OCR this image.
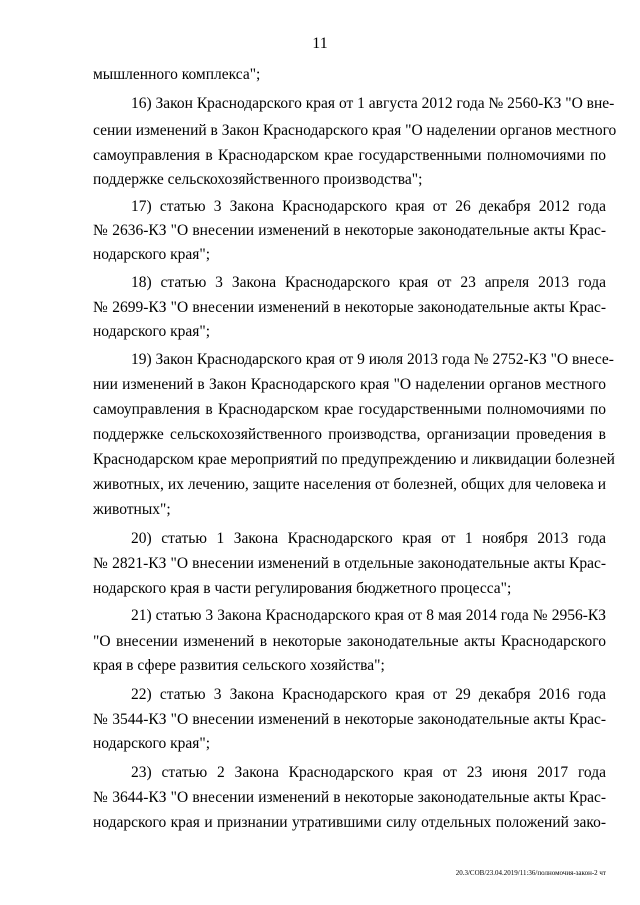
11
мышленного комплекса";
16) Закон Краснодарского края от 1 августа 2012 года № 2560-КЗ "О вне-
сении изменений в Закон Краснодарского края "О наделении органов местного
самоуправления в Краснодарском крае государственными полномочиями по
поддержке сельскохозяйственного производства";
17) статью 3 Закона Краснодарского края от 26 декабря 2012 года
№ 2636-КЗ "О внесении изменений в некоторые законодательные акты Крас-
нодарского края";
18) статью 3 Закона Краснодарского края от 23 апреля 2013 года
№ 2699-КЗ "О внесении изменений в некоторые законодательные акты Крас-
нодарского края";
19) Закон Краснодарского края от 9 июля 2013 года № 2752-КЗ "О внесе-
нии изменений в Закон Краснодарского края "О наделении органов местного
самоуправления в Краснодарском крае государственными полномочиями по
поддержке сельскохозяйственного производства, организации проведения в
Краснодарском крае мероприятий по предупреждению и ликвидации болезней
животных, их лечению, защите населения от болезней, общих для человека и
животных";
20) статью 1 Закона Краснодарского края от 1 ноября 2013 года
№ 2821-КЗ "О внесении изменений в отдельные законодательные акты Крас-
нодарского края в части регулирования бюджетного процесса";
21) статью 3 Закона Краснодарского края от 8 мая 2014 года № 2956-КЗ
"О внесении изменений в некоторые законодательные акты Краснодарского
края в сфере развития сельского хозяйства";
22) статью 3 Закона Краснодарского края от 29 декабря 2016 года
№ 3544-КЗ "О внесении изменений в некоторые законодательные акты Крас-
нодарского края";
23) статью 2 Закона Краснодарского края от 23 июня 2017 года
№ 3644-КЗ "О внесении изменений в некоторые законодательные акты Крас-
нодарского края и признании утратившими силу отдельных положений зако-
20.3/СОВ/23.04.2019/11:36/полномочия-закон-2 чт
